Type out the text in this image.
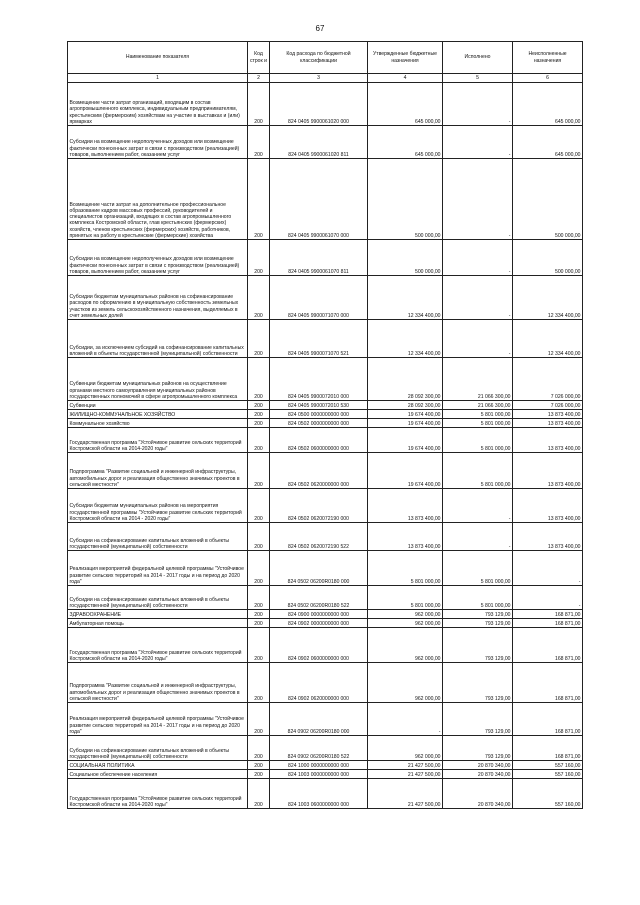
67
Наименование показателя	Код строк и	Код расхода по бюджетной классификации	Утвержденные бюджетные назначения	Исполнено	Неисполненные назначения
1	2	3	4	5	6
Возмещение части затрат организаций, входящим в состав агропромышленного комплекса, индивидуальным предпринимателям, крестьянским (фермерским) хозяйствам на участие в выставках и (или) ярмарках	200	824 0405 9900061020 000	645 000,00	-	645 000,00
Субсидии на возмещение недополученных доходов или возмещение фактически понесенных затрат в связи с производством (реализацией) товаров, выполнением работ, оказанием услуг	200	824 0405 9900061020 811	645 000,00	-	645 000,00
Возмещение части затрат на дополнительное профессиональное образование кадров массовых профессий, руководителей и специалистов организаций, входящих в состав агропромышленного комплекса Костромской области, глав крестьянских (фермерских) хозяйств, членов крестьянских (фермерских) хозяйств, работников, принятых на работу в крестьянские (фермерские) хозяйства	200	824 0405 9900061070 000	500 000,00	-	500 000,00
Субсидии на возмещение недополученных доходов или возмещение фактически понесенных затрат в связи с производством (реализацией) товаров, выполнением работ, оказанием услуг	200	824 0405 9900061070 811	500 000,00	-	500 000,00
Субсидии бюджетам муниципальных районов на софинансирование расходов по оформлению в муниципальную собственность земельных участков из земель сельскохозяйственного назначения, выделяемых в счет земельных долей	200	824 0405 9900071070 000	12 334 400,00	-	12 334 400,00
Субсидии, за исключением субсидий на софинансирование капитальных вложений в объекты государственной (муниципальной) собственности	200	824 0405 9900071070 521	12 334 400,00	-	12 334 400,00
Субвенции бюджетам муниципальных районов на осуществление органами местного самоуправления муниципальных районов государственных полномочий в сфере агропромышленного комплекса	200	824 0405 9900072010 000	28 092 300,00	21 066 300,00	7 026 000,00
Субвенции	200	824 0405 9900072010 530	28 092 300,00	21 066 300,00	7 026 000,00
ЖИЛИЩНО-КОММУНАЛЬНОЕ ХОЗЯЙСТВО	200	824 0500 0000000000 000	19 674 400,00	5 801 000,00	13 873 400,00
Коммунальное хозяйство	200	824 0502 0000000000 000	19 674 400,00	5 801 000,00	13 873 400,00
Государственная программа "Устойчивое развитие сельских территорий Костромской области на 2014-2020 годы"	200	824 0502 0600000000 000	19 674 400,00	5 801 000,00	13 873 400,00
Подпрограмма "Развитие социальной и инженерной инфраструктуры, автомобильных дорог и реализация общественно значимых проектов в сельской местности"	200	824 0502 0620000000 000	19 674 400,00	5 801 000,00	13 873 400,00
Субсидии бюджетам муниципальных районов на мероприятия государственной программы "Устойчивое развитие сельских территорий Костромской области на 2014 - 2020 годы"	200	824 0502 0620072190 000	13 873 400,00	-	13 873 400,00
Субсидии на софинансирование капитальных вложений в объекты государственной (муниципальной) собственности	200	824 0502 0620072190 522	13 873 400,00	-	13 873 400,00
Реализация мероприятий федеральной целевой программы "Устойчивое развитие сельских территорий на 2014 - 2017 годы и на период до 2020 года"	200	824 0502 06200R0180 000	5 801 000,00	5 801 000,00	-
Субсидии на софинансирование капитальных вложений в объекты государственной (муниципальной) собственности	200	824 0502 06200R0180 522	5 801 000,00	5 801 000,00	-
ЗДРАВООХРАНЕНИЕ	200	824 0900 0000000000 000	962 000,00	793 129,00	168 871,00
Амбулаторная помощь	200	824 0902 0000000000 000	962 000,00	793 129,00	168 871,00
Государственная программа "Устойчивое развитие сельских территорий Костромской области на 2014-2020 годы"	200	824 0902 0600000000 000	962 000,00	793 129,00	168 871,00
Подпрограмма "Развитие социальной и инженерной инфраструктуры, автомобильных дорог и реализация общественно значимых проектов в сельской местности"	200	824 0902 0620000000 000	962 000,00	793 129,00	168 871,00
Реализация мероприятий федеральной целевой программы "Устойчивое развитие сельских территорий на 2014 - 2017 годы и на период до 2020 года"	200	824 0902 06200R0180 000	-	793 129,00	168 871,00
Субсидии на софинансирование капитальных вложений в объекты государственной (муниципальной) собственности	200	824 0902 06200R0180 522	962 000,00	793 129,00	168 871,00
СОЦИАЛЬНАЯ ПОЛИТИКА	200	824 1000 0000000000 000	21 427 500,00	20 870 340,00	557 160,00
Социальное обеспечение населения	200	824 1003 0000000000 000	21 427 500,00	20 870 340,00	557 160,00
Государственная программа "Устойчивое развитие сельских территорий Костромской области на 2014-2020 годы"	200	824 1003 0600000000 000	21 427 500,00	20 870 340,00	557 160,00
